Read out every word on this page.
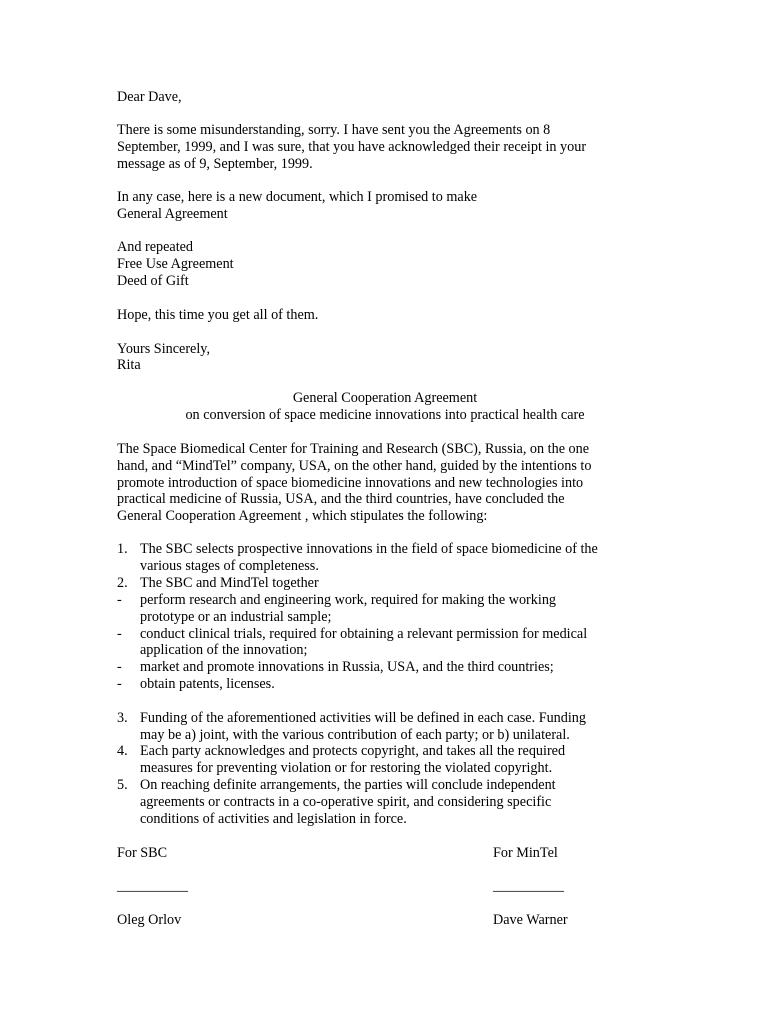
Dear Dave,
There is some misunderstanding, sorry. I have sent you the Agreements on 8
September, 1999, and I was sure, that you have acknowledged their receipt in your
message as of 9, September, 1999.
In any case, here is a new document, which I promised to make
General Agreement
And repeated
Free Use Agreement
Deed of Gift
Hope, this time you get all of them.
Yours Sincerely,
Rita
General Cooperation Agreement
on conversion of space medicine innovations into practical health care
The Space Biomedical Center for Training and Research (SBC), Russia, on the one
hand, and “MindTel” company, USA, on the other hand, guided by the intentions to
promote introduction of space biomedicine innovations and new technologies into
practical medicine of Russia, USA, and the third countries, have concluded the
General Cooperation Agreement , which stipulates the following:
1. The SBC selects prospective innovations in the field of space biomedicine of the
various stages of completeness.
2. The SBC and MindTel together
-	perform research and engineering work, required for making the working
prototype or an industrial sample;
-	conduct clinical trials, required for obtaining a relevant permission for medical
application of the innovation;
-	market and promote innovations in Russia, USA, and the third countries;
-	obtain patents, licenses.
3. Funding of the aforementioned activities will be defined in each case. Funding
may be a) joint, with the various contribution of each party; or b) unilateral.
4. Each party acknowledges and protects copyright, and takes all the required
measures for preventing violation or for restoring the violated copyright.
5. On reaching definite arrangements, the parties will conclude independent
agreements or contracts in a co-operative spirit, and considering specific
conditions of activities and legislation in force.
For SBC	For MinTel
__________	__________
Oleg Orlov	Dave Warner
